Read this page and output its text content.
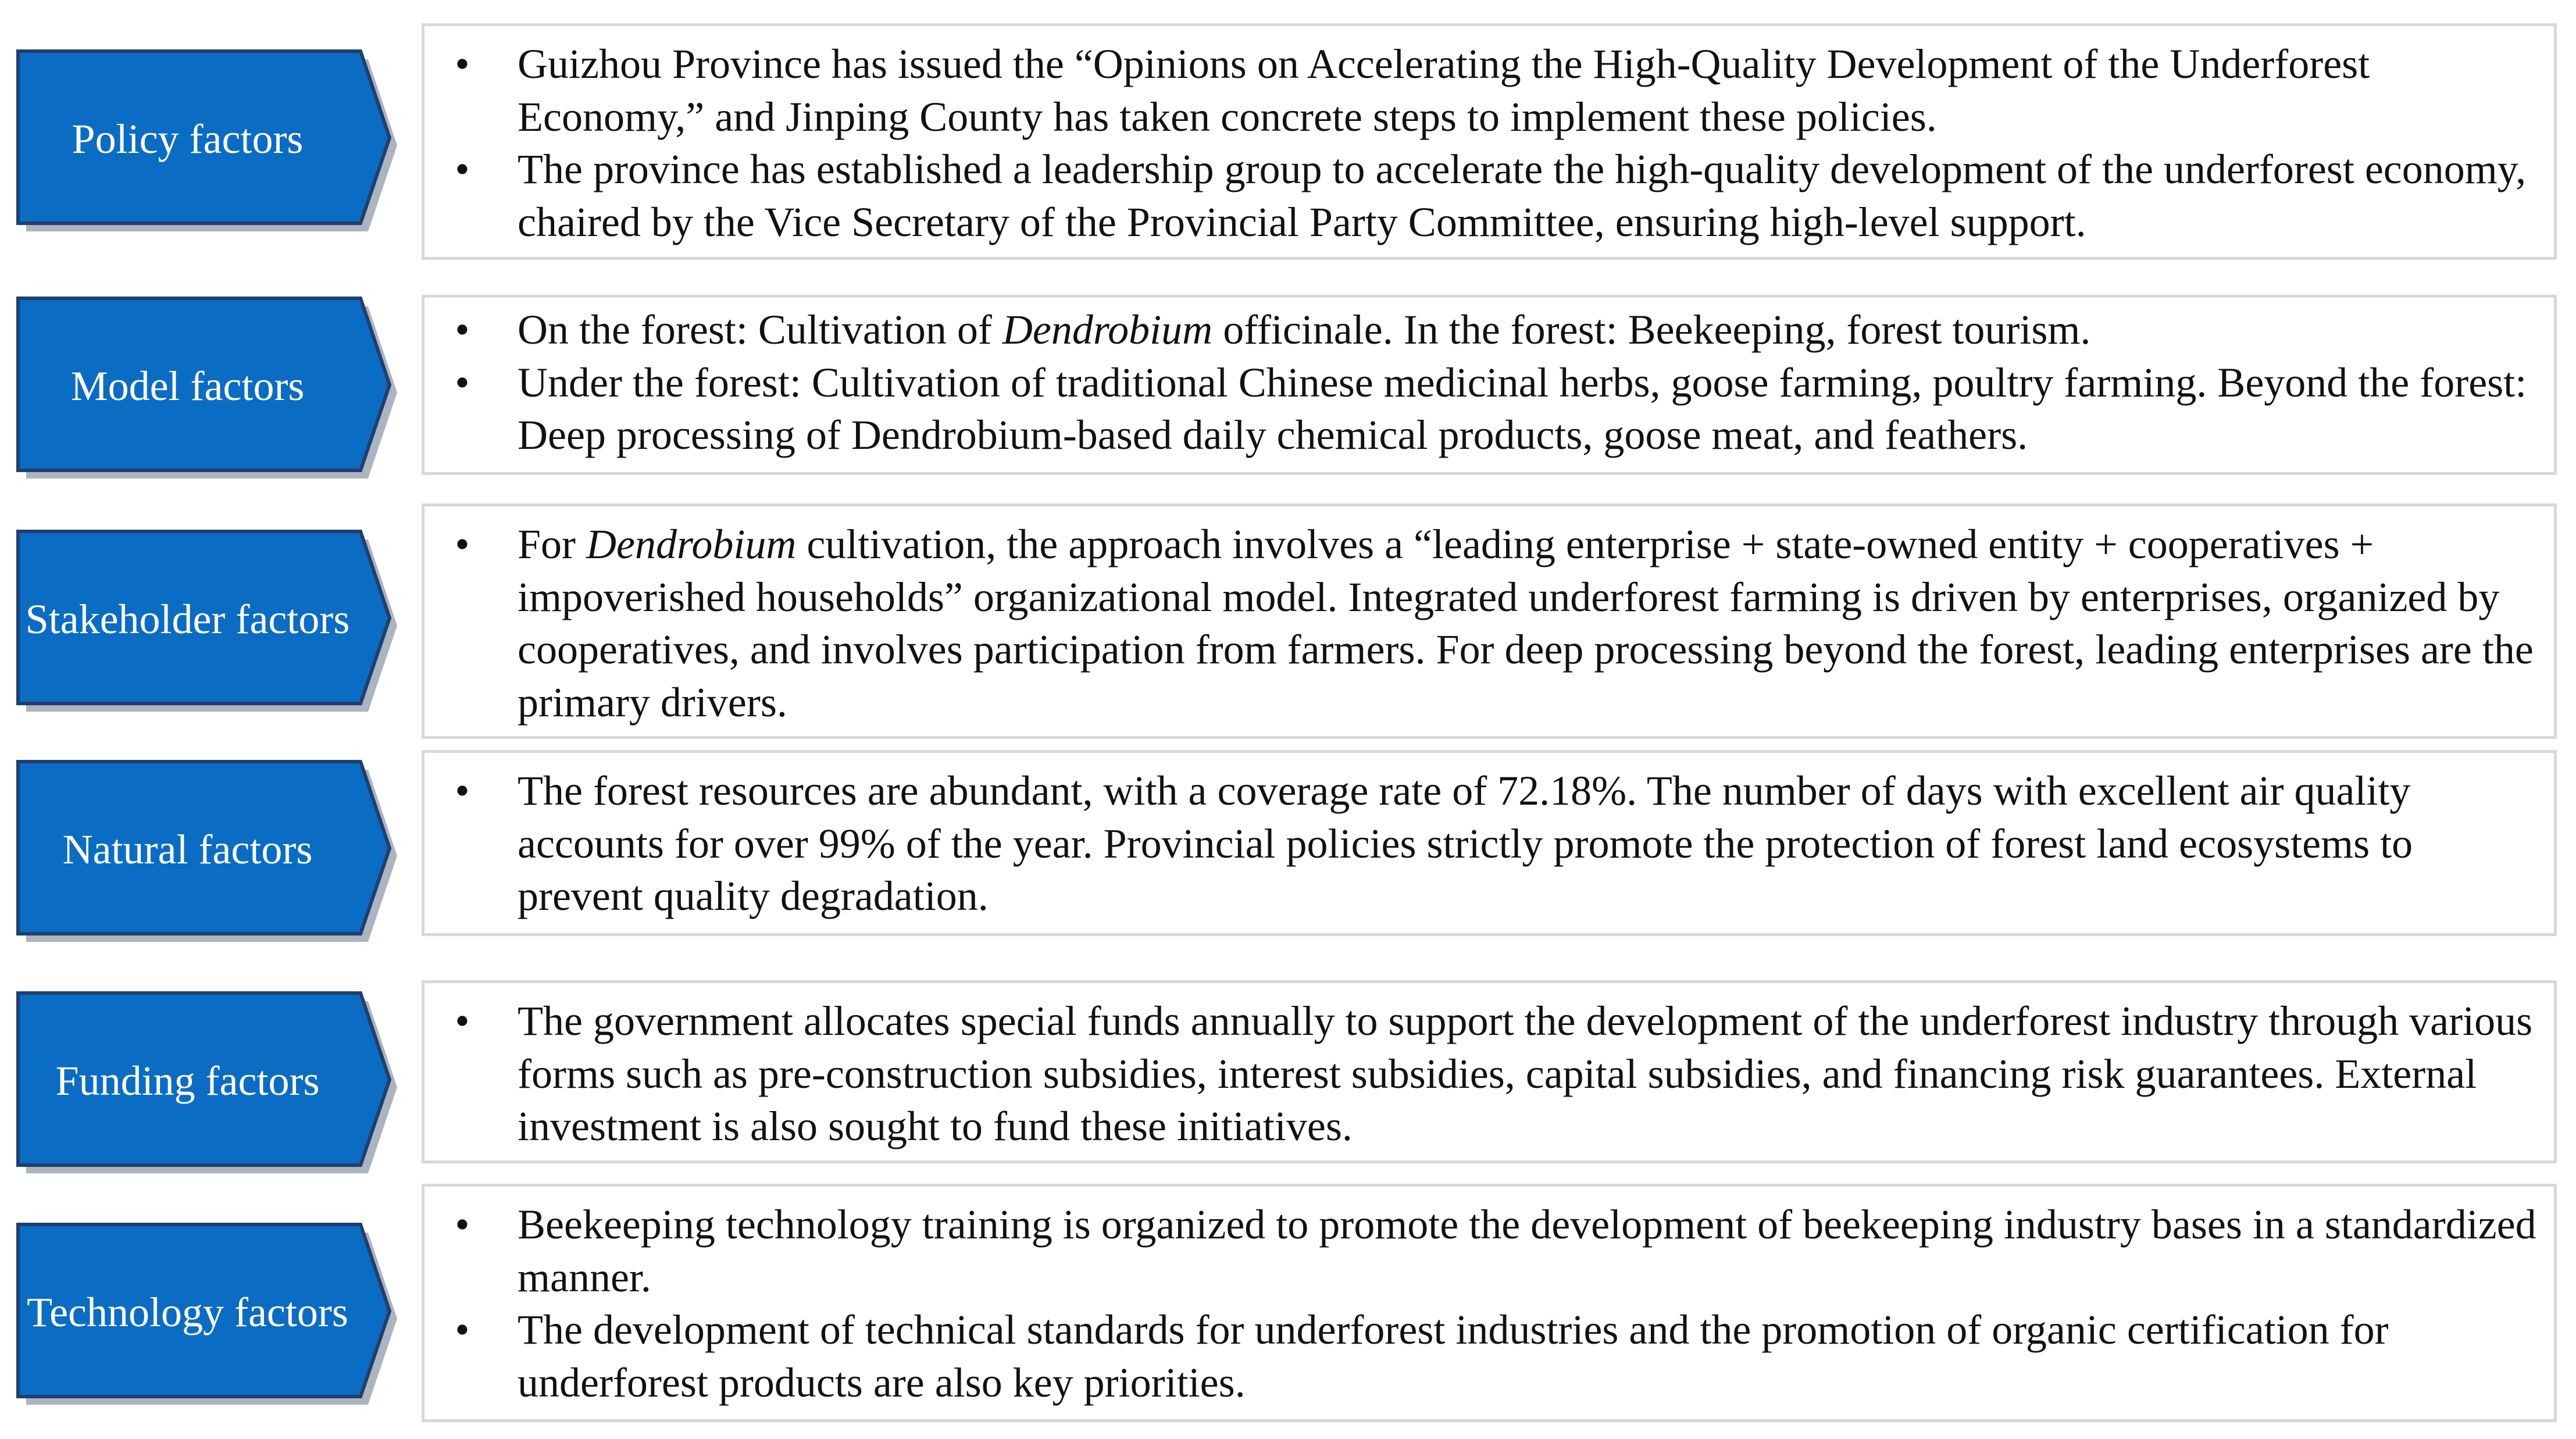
Policy factors
• Guizhou Province has issued the “Opinions on Accelerating the High-Quality Development of the Underforest Economy,” and Jinping County has taken concrete steps to implement these policies.
• The province has established a leadership group to accelerate the high-quality development of the underforest economy, chaired by the Vice Secretary of the Provincial Party Committee, ensuring high-level support.
Model factors
• On the forest: Cultivation of Dendrobium officinale. In the forest: Beekeeping, forest tourism.
• Under the forest: Cultivation of traditional Chinese medicinal herbs, goose farming, poultry farming. Beyond the forest: Deep processing of Dendrobium-based daily chemical products, goose meat, and feathers.
Stakeholder factors
• For Dendrobium cultivation, the approach involves a “leading enterprise + state-owned entity + cooperatives + impoverished households” organizational model. Integrated underforest farming is driven by enterprises, organized by cooperatives, and involves participation from farmers. For deep processing beyond the forest, leading enterprises are the primary drivers.
Natural factors
• The forest resources are abundant, with a coverage rate of 72.18%. The number of days with excellent air quality accounts for over 99% of the year. Provincial policies strictly promote the protection of forest land ecosystems to prevent quality degradation.
Funding factors
• The government allocates special funds annually to support the development of the underforest industry through various forms such as pre-construction subsidies, interest subsidies, capital subsidies, and financing risk guarantees. External investment is also sought to fund these initiatives.
Technology factors
• Beekeeping technology training is organized to promote the development of beekeeping industry bases in a standardized manner.
• The development of technical standards for underforest industries and the promotion of organic certification for underforest products are also key priorities.
